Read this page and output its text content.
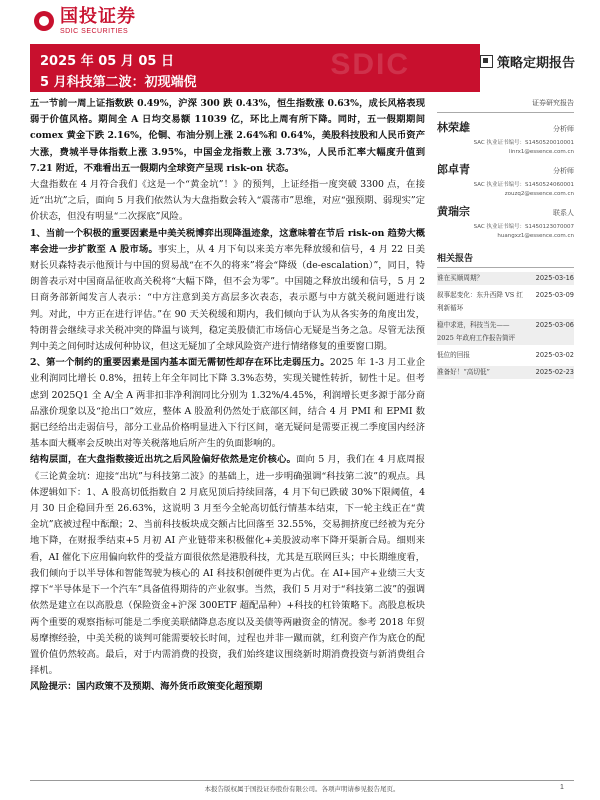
国投证券
SDIC SECURITIES
SDIC
2025 年 05 月 05 日
5 月科技第二波：初现端倪
策略定期报告

五一节前一周上证指数跌 0.49%，沪深 300 跌 0.43%，恒生指数涨 0.63%，成长风格表现弱于价值风格。期间全 A 日均交易额 11039 亿，环比上周有所下降。同时，五一假期期间 comex 黄金下跌 2.16%，伦铜、布油分别上涨 2.64%和 0.64%，美股科技股和人民币资产大涨，费城半导体指数上涨 3.95%，中国金龙指数上涨 3.73%，人民币汇率大幅度升值到 7.21 附近，不难看出五一假期内全球资产呈现 risk-on 状态。

大盘指数在 4 月符合我们《这是一个“黄金坑”！》的预判，上证经指一度突破 3300 点，在接近“出坑”之后，面向 5 月我们依然认为大盘指数会转入“震荡市”思维，对应“强预期、弱现实”定价状态，但没有明显“二次探底”风险。

1、当前一个积极的重要因素是中美关税博弈出现降温迹象，这意味着在节后 risk-on 趋势大概率会进一步扩散至 A 股市场。事实上，从 4 月下旬以来美方率先释放缓和信号，4 月 22 日美财长贝森特表示他预计与中国的贸易战“在不久的将来”将会“降级（de-escalation）”，同日，特朗普表示对中国商品征收高关税将“大幅下降，但不会为零”。中国随之释放出缓和信号，5 月 2 日商务部新闻发言人表示：“中方注意到美方高层多次表态，表示愿与中方就关税问题进行谈判。对此，中方正在进行评估。”在 90 天关税缓和期内，我们倾向于认为从各实务的角度出发，特朗普会继续寻求关税冲突的降温与谈判，稳定美股债汇市场信心无疑是当务之急。尽管无法预判中美之间何时达成何种协议，但这无疑加了全球风险资产进行情绪修复的重要窗口期。

2、第一个制约的重要因素是国内基本面无需韧性却存在环比走弱压力。2025 年 1-3 月工业企业利润同比增长 0.8%，扭转上年全年同比下降 3.3%态势，实现关键性转折，韧性十足。但考虑到 2025Q1 全 A/全 A 两非扣非净利润同比分别为 1.32%/4.45%，利润增长更多源于部分商品涨价现象以及“抢出口”效应，整体 A 股盈利仍然处于底部区间，结合 4 月 PMI 和 EPMI 数据已经给出走弱信号，部分工业品价格明显进入下行区间，毫无疑问是需要正视二季度国内经济基本面大概率会反映出对等关税落地后所产生的负面影响的。

结构层面，在大盘指数接近出坑之后风险偏好依然是定价核心。面向 5 月，我们在 4 月底周报《三论黄金坑：迎接“出坑”与科技第二波》的基础上，进一步明确强调“科技第二波”的观点。具体逻辑如下：1、A 股高切低指数自 2 月底见顶后持续回落，4 月下旬已跌破 30%下限阈值，4 月 30 日企稳回升至 26.63%，这说明 3 月至今全轮高切低行情基本结束，下一轮主线正在“黄金坑”底被过程中酝酿；2、当前科技板块成交额占比回落至 32.55%，交易拥挤度已经被为充分地下降，在财报季结束+5 月初 AI 产业链带来积极催化+美股波动率下降开渠新合局。细则来看，AI 催化下应用偏向软件的受益方面很依然是港股科技，尤其是互联网巨头；中长期维度看，我们倾向于以半导体和智能驾驶为核心的 AI 科技积创硬件更为占优。在 AI+国产+业绩三大支撑下“半导体是下一个汽车”具备值得期待的产业叙事。当然，我们 5 月对于“科技第二波”的强调依然是建立在以高股息（保险资金+沪深 300ETF 超配品种）+科技的杠铃策略下。高股息板块两个重要的观察指标可能是二季度美联储降息态度以及美债等两融资金的情况。参考 2018 年贸易摩擦经验，中美关税的谈判可能需要较长时间，过程也并非一蹴而就，红利资产作为底仓的配置价值仍然较高。最后，对于内需消费的投资，我们始终建议围绕新时期消费投资与新消费组合择机。

风险提示：国内政策不及预期、海外货币政策变化超预期

证券研究报告
林荣雄	分析师
SAC 执业证书编号：S1450520010001
linrx1@essence.com.cn
郎卓青	分析师
SAC 执业证书编号：S1450524060001
zouzq2@essence.com.cn
黄瑞宗	联系人
SAC 执业证书编号：S1450123070007
huangxz1@essence.com.cn
相关报告
谁在买顺周期？	2025-03-16
叙事起变化：东升西降 VS 红利新循环
2025-03-09
稳中求进，科技当先——2025 年政府工作报告简评
2025-03-06
低位的回报	2025-03-02
准备好！“高切低”	2025-02-23
本报告版权属于国投证券股份有限公司。各项声明请参见报告尾页。	1
